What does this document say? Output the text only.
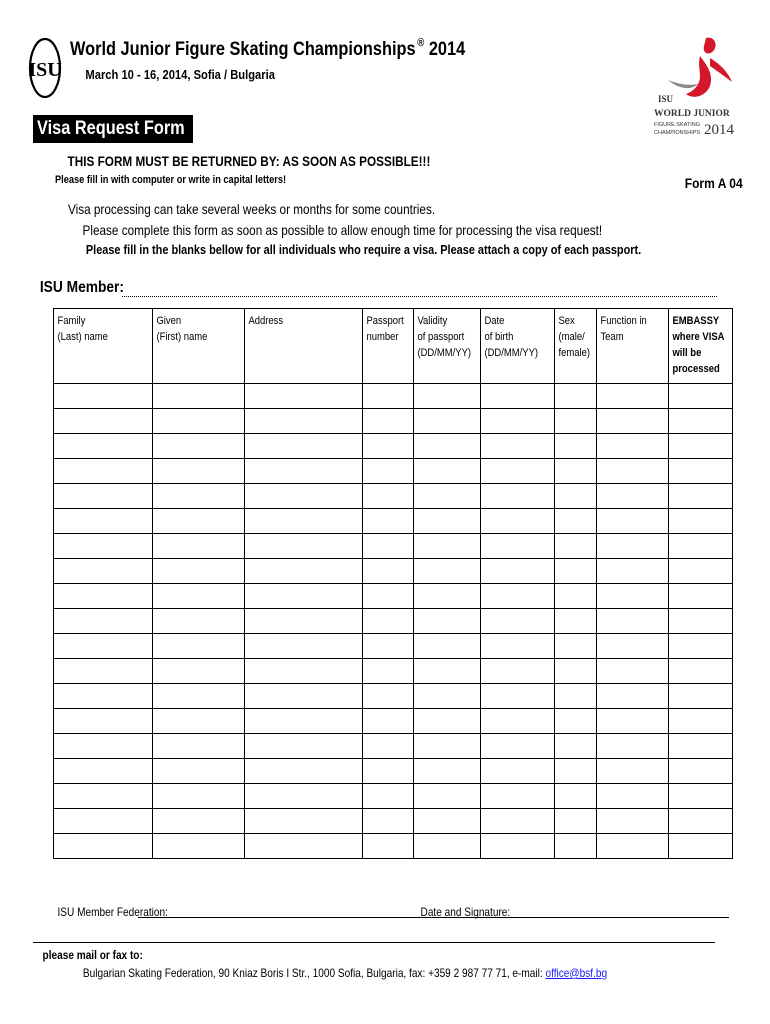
ISU
World Junior Figure Skating Championships ® 2014
March 10 - 16, 2014, Sofia / Bulgaria
ISU
WORLD JUNIOR
FIGURE SKATING
CHAMPIONSHIPS 2014
Visa Request Form
THIS FORM MUST BE RETURNED BY: AS SOON AS POSSIBLE!!!
Please fill in with computer or write in capital letters!	Form A 04
Visa processing can take several weeks or months for some countries.
Please complete this form as soon as possible to allow enough time for processing the visa request!
Please fill in the blanks bellow for all individuals who require a visa. Please attach a copy of each passport.
ISU Member:
Family
(Last) name	Given
(First) name	Address	Passport
number	Validity
of passport
(DD/MM/YY)	Date
of birth
(DD/MM/YY)	Sex
(male/
female)	Function in
Team	EMBASSY
where VISA
will be
processed

ISU Member Federation:	Date and Signature:
please mail or fax to:
Bulgarian Skating Federation, 90 Kniaz Boris I Str., 1000 Sofia, Bulgaria, fax: +359 2 987 77 71, e-mail: office@bsf.bg
